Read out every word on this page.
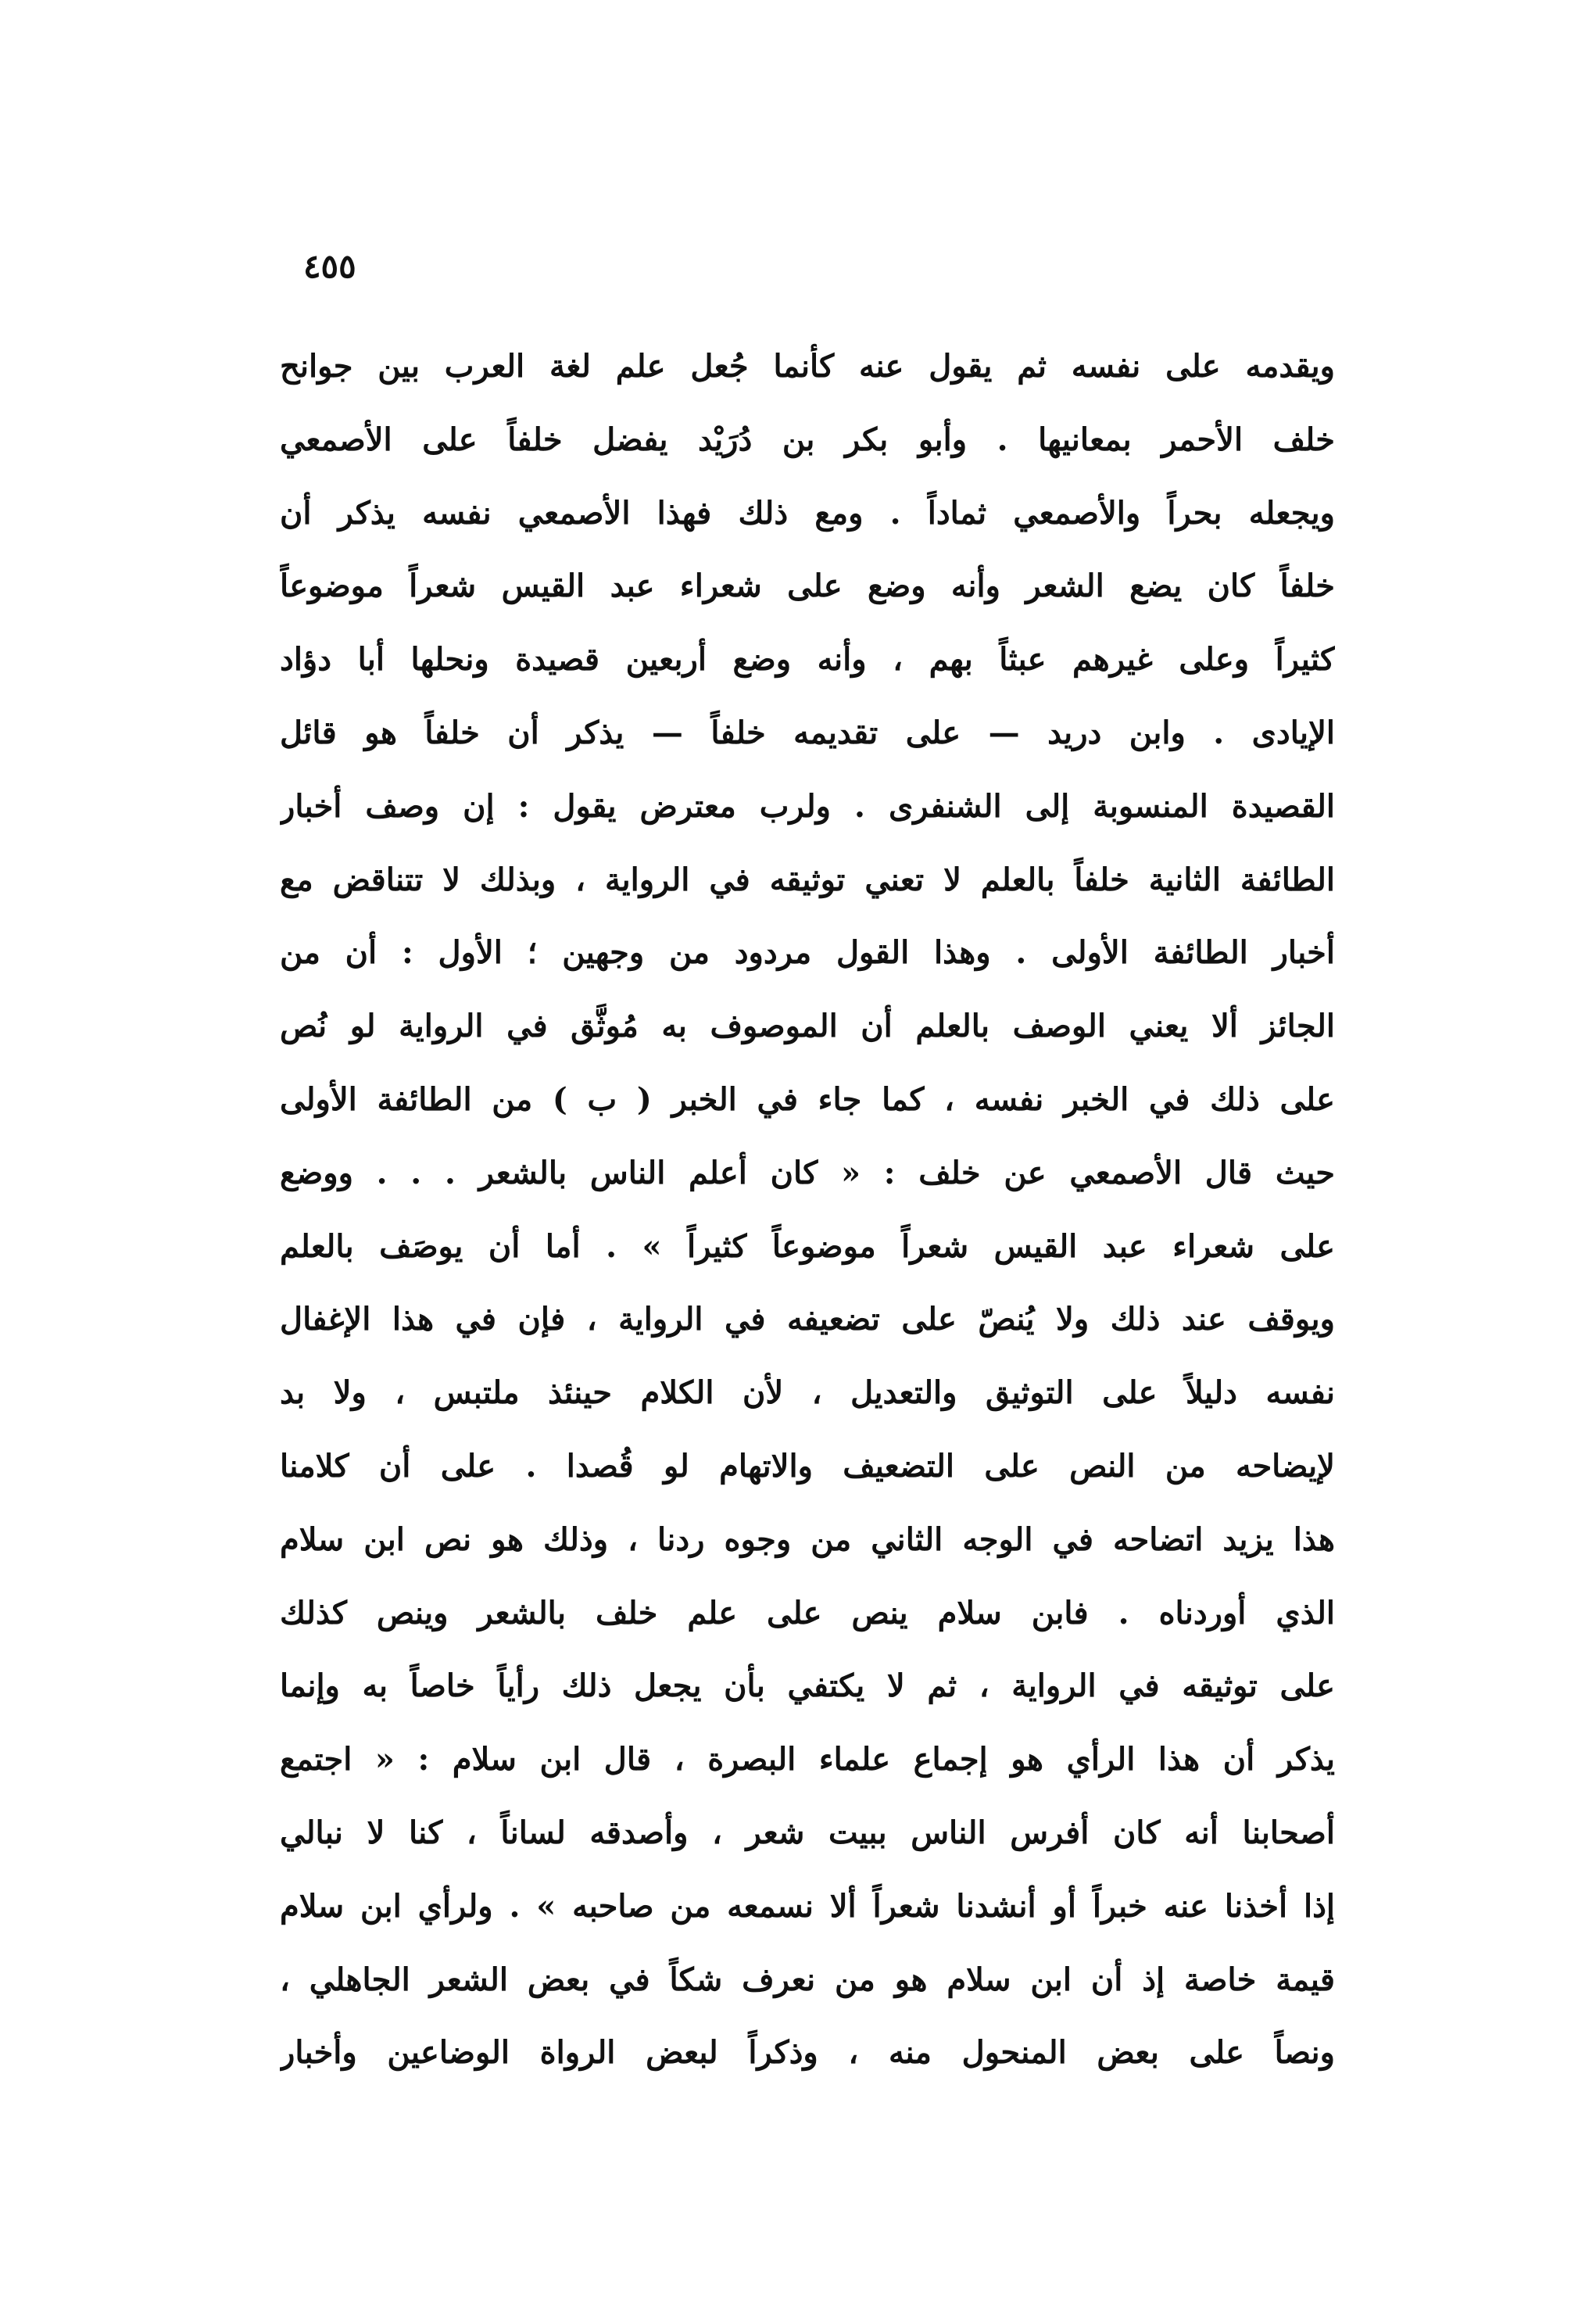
٤٥٥
ويقدمه على نفسه ثم يقول عنه كأنما جُعل علم لغة العرب بين جوانح
خلف الأحمر بمعانيها . وأبو بكر بن دُرَيْد يفضل خلفاً على الأصمعي
ويجعله بحراً والأصمعي ثماداً . ومع ذلك فهذا الأصمعي نفسه يذكر أن
خلفاً كان يضع الشعر وأنه وضع على شعراء عبد القيس شعراً موضوعاً
كثيراً وعلى غيرهم عبثاً بهم ، وأنه وضع أربعين قصيدة ونحلها أبا دؤاد
الإيادى . وابن دريد — على تقديمه خلفاً — يذكر أن خلفاً هو قائل
القصيدة المنسوبة إلى الشنفرى . ولرب معترض يقول : إن وصف أخبار
الطائفة الثانية خلفاً بالعلم لا تعني توثيقه في الرواية ، وبذلك لا تتناقض مع
أخبار الطائفة الأولى . وهذا القول مردود من وجهين ؛ الأول : أن من
الجائز ألا يعني الوصف بالعلم أن الموصوف به مُوثَّق في الرواية لو نُص
على ذلك في الخبر نفسه ، كما جاء في الخبر ( ب ) من الطائفة الأولى
حيث قال الأصمعي عن خلف : « كان أعلم الناس بالشعر . . . ووضع
على شعراء عبد القيس شعراً موضوعاً كثيراً » . أما أن يوصَف بالعلم
ويوقف عند ذلك ولا يُنصّ على تضعيفه في الرواية ، فإن في هذا الإغفال
نفسه دليلاً على التوثيق والتعديل ، لأن الكلام حينئذ ملتبس ، ولا بد
لإيضاحه من النص على التضعيف والاتهام لو قُصدا . على أن كلامنا
هذا يزيد اتضاحه في الوجه الثاني من وجوه ردنا ، وذلك هو نص ابن سلام
الذي أوردناه . فابن سلام ينص على علم خلف بالشعر وينص كذلك
على توثيقه في الرواية ، ثم لا يكتفي بأن يجعل ذلك رأياً خاصاً به وإنما
يذكر أن هذا الرأي هو إجماع علماء البصرة ، قال ابن سلام : « اجتمع
أصحابنا أنه كان أفرس الناس ببيت شعر ، وأصدقه لساناً ، كنا لا نبالي
إذا أخذنا عنه خبراً أو أنشدنا شعراً ألا نسمعه من صاحبه » . ولرأي ابن سلام
قيمة خاصة إذ أن ابن سلام هو من نعرف شكاً في بعض الشعر الجاهلي ،
ونصاً على بعض المنحول منه ، وذكراً لبعض الرواة الوضاعين وأخبار
